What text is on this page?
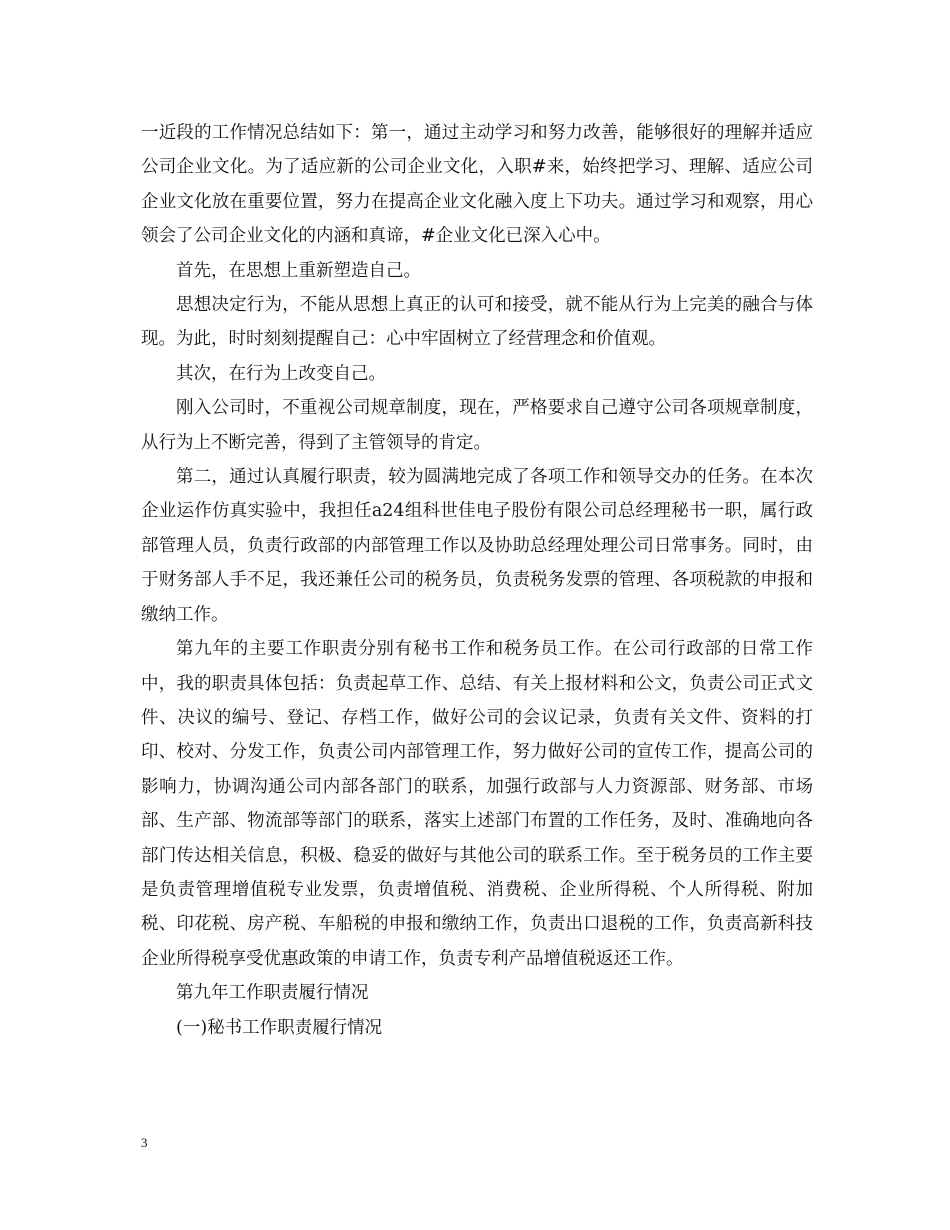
一近段的工作情况总结如下：第一，通过主动学习和努力改善，能够很好的理解并适应公司企业文化。为了适应新的公司企业文化，入职#来，始终把学习、理解、适应公司企业文化放在重要位置，努力在提高企业文化融入度上下功夫。通过学习和观察，用心领会了公司企业文化的内涵和真谛，#企业文化已深入心中。

首先，在思想上重新塑造自己。

思想决定行为，不能从思想上真正的认可和接受，就不能从行为上完美的融合与体现。为此，时时刻刻提醒自己：心中牢固树立了经营理念和价值观。

其次，在行为上改变自己。

刚入公司时，不重视公司规章制度，现在，严格要求自己遵守公司各项规章制度，从行为上不断完善，得到了主管领导的肯定。

第二，通过认真履行职责，较为圆满地完成了各项工作和领导交办的任务。在本次企业运作仿真实验中，我担任a24组科世佳电子股份有限公司总经理秘书一职，属行政部管理人员，负责行政部的内部管理工作以及协助总经理处理公司日常事务。同时，由于财务部人手不足，我还兼任公司的税务员，负责税务发票的管理、各项税款的申报和缴纳工作。

第九年的主要工作职责分别有秘书工作和税务员工作。在公司行政部的日常工作中，我的职责具体包括：负责起草工作、总结、有关上报材料和公文，负责公司正式文件、决议的编号、登记、存档工作，做好公司的会议记录，负责有关文件、资料的打印、校对、分发工作，负责公司内部管理工作，努力做好公司的宣传工作，提高公司的影响力，协调沟通公司内部各部门的联系，加强行政部与人力资源部、财务部、市场部、生产部、物流部等部门的联系，落实上述部门布置的工作任务，及时、准确地向各部门传达相关信息，积极、稳妥的做好与其他公司的联系工作。至于税务员的工作主要是负责管理增值税专业发票，负责增值税、消费税、企业所得税、个人所得税、附加税、印花税、房产税、车船税的申报和缴纳工作，负责出口退税的工作，负责高新科技企业所得税享受优惠政策的申请工作，负责专利产品增值税返还工作。

第九年工作职责履行情况

(一)秘书工作职责履行情况

3
